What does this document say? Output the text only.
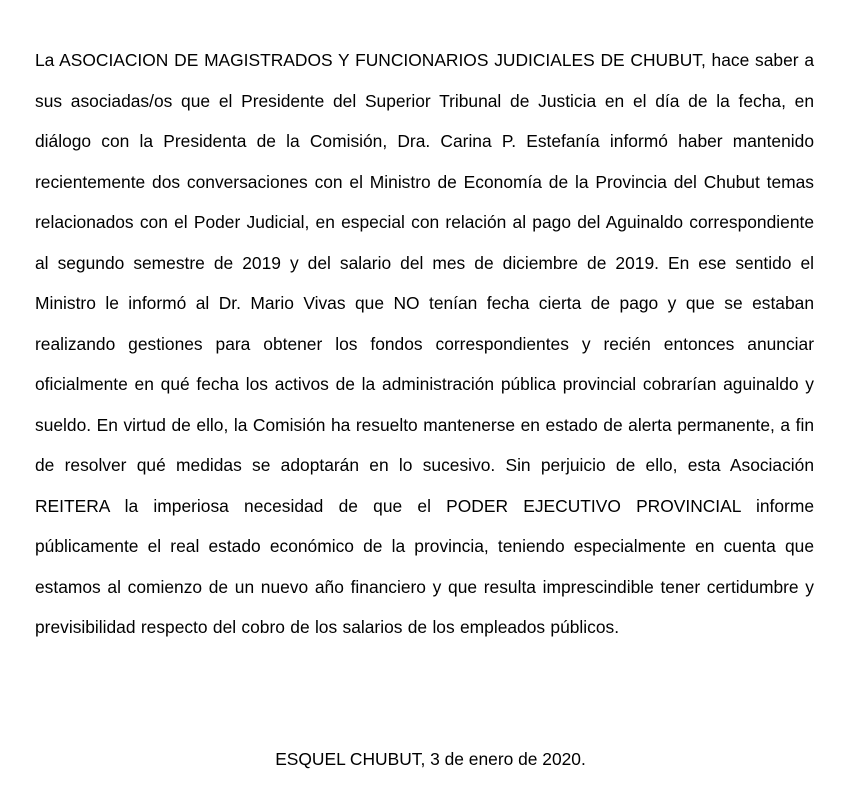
La ASOCIACION DE MAGISTRADOS Y FUNCIONARIOS JUDICIALES DE CHUBUT, hace saber a sus asociadas/os que el Presidente del Superior Tribunal de Justicia en el día de la fecha, en diálogo con la Presidenta de la Comisión, Dra. Carina P. Estefanía informó haber mantenido recientemente dos conversaciones con el Ministro de Economía de la Provincia del Chubut temas relacionados con el Poder Judicial, en especial con relación al pago del Aguinaldo correspondiente al segundo semestre de 2019 y del salario del mes de diciembre de 2019. En ese sentido el Ministro le informó al Dr. Mario Vivas que NO tenían fecha cierta de pago y que se estaban realizando gestiones para obtener los fondos correspondientes y recién entonces anunciar oficialmente en qué fecha los activos de la administración pública provincial cobrarían aguinaldo y sueldo. En virtud de ello, la Comisión ha resuelto mantenerse en estado de alerta permanente, a fin de resolver qué medidas se adoptarán en lo sucesivo. Sin perjuicio de ello, esta Asociación REITERA la imperiosa necesidad de que el PODER EJECUTIVO PROVINCIAL informe públicamente el real estado económico de la provincia, teniendo especialmente en cuenta que estamos al comienzo de un nuevo año financiero y que resulta imprescindible tener certidumbre y previsibilidad respecto del cobro de los salarios de los empleados públicos.

ESQUEL CHUBUT, 3 de enero de 2020.
